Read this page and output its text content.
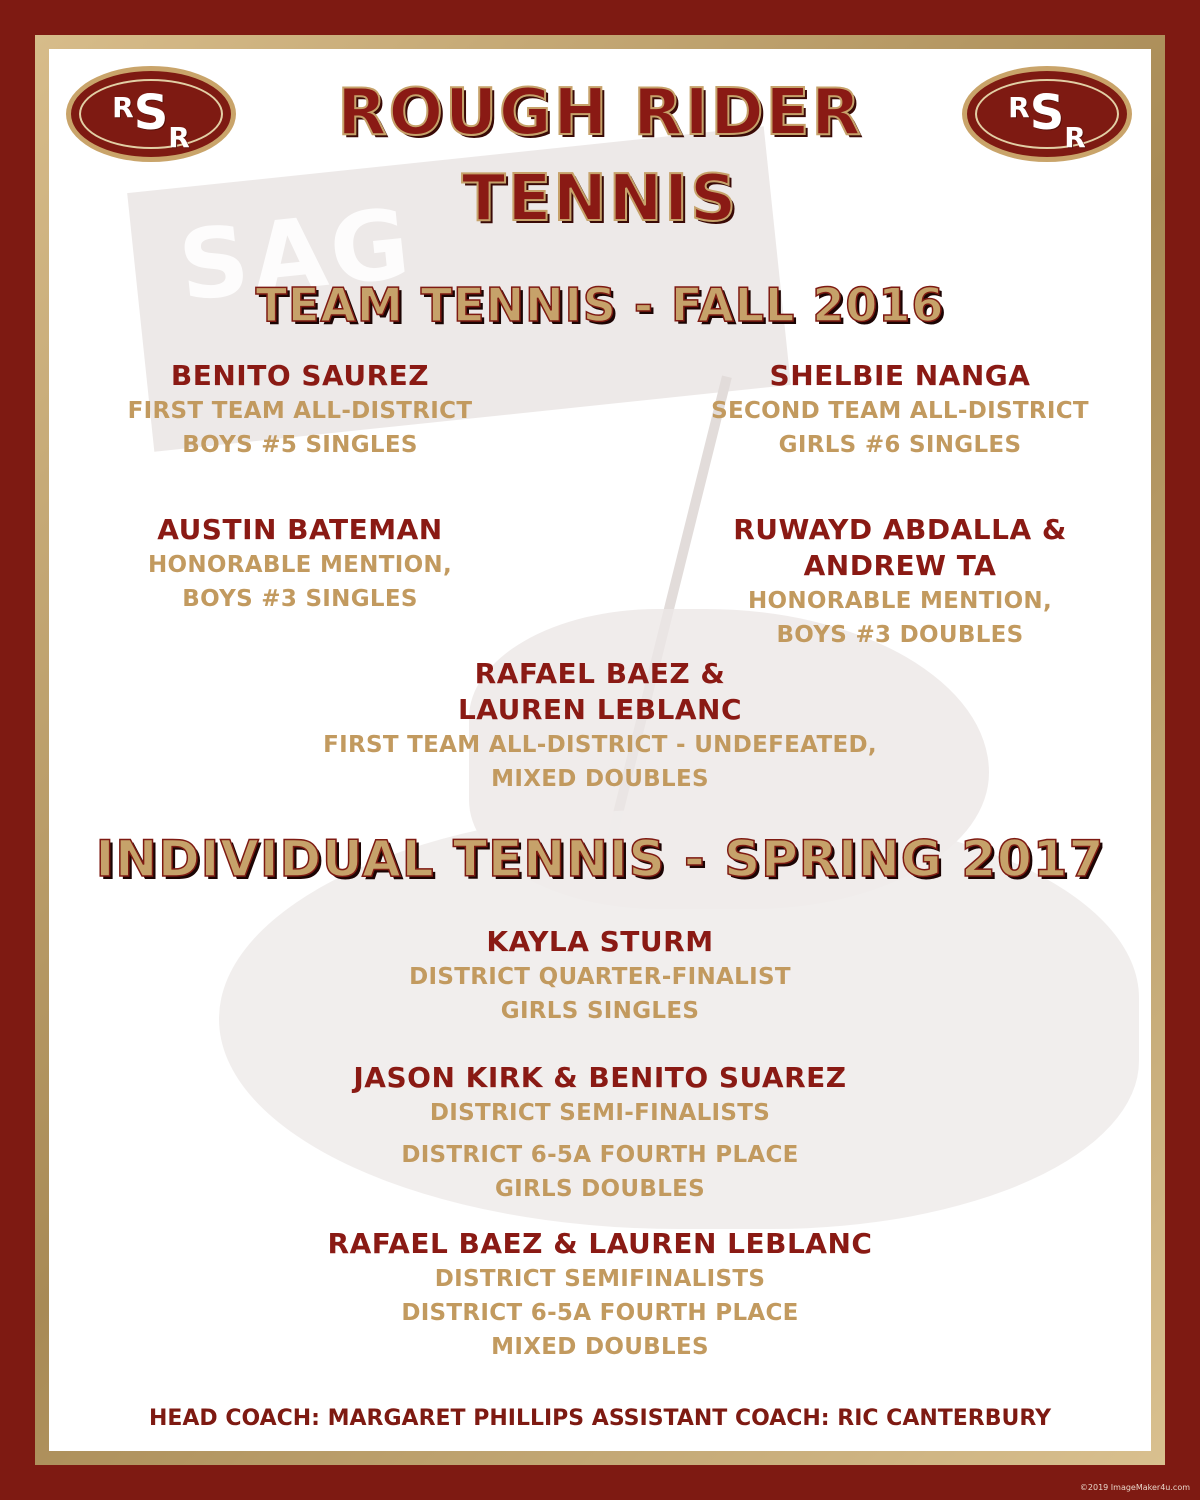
SAG
RSR
RSR
ROUGH RIDER
TENNIS
TEAM TENNIS - FALL 2016
BENITO SAUREZ
FIRST TEAM ALL-DISTRICT
BOYS #5 SINGLES
SHELBIE NANGA
SECOND TEAM ALL-DISTRICT
GIRLS #6 SINGLES
AUSTIN BATEMAN
HONORABLE MENTION,
BOYS #3 SINGLES
RUWAYD ABDALLA &
ANDREW TA
HONORABLE MENTION,
BOYS #3 DOUBLES
RAFAEL BAEZ &
LAUREN LEBLANC
FIRST TEAM ALL-DISTRICT - UNDEFEATED,
MIXED DOUBLES
INDIVIDUAL TENNIS - SPRING 2017
KAYLA STURM
DISTRICT QUARTER-FINALIST
GIRLS SINGLES
JASON KIRK & BENITO SUAREZ
DISTRICT SEMI-FINALISTS
DISTRICT 6-5A FOURTH PLACE
GIRLS DOUBLES
RAFAEL BAEZ & LAUREN LEBLANC
DISTRICT SEMIFINALISTS
DISTRICT 6-5A FOURTH PLACE
MIXED DOUBLES
HEAD COACH: MARGARET PHILLIPS ASSISTANT COACH: RIC CANTERBURY
©2019 ImageMaker4u.com
